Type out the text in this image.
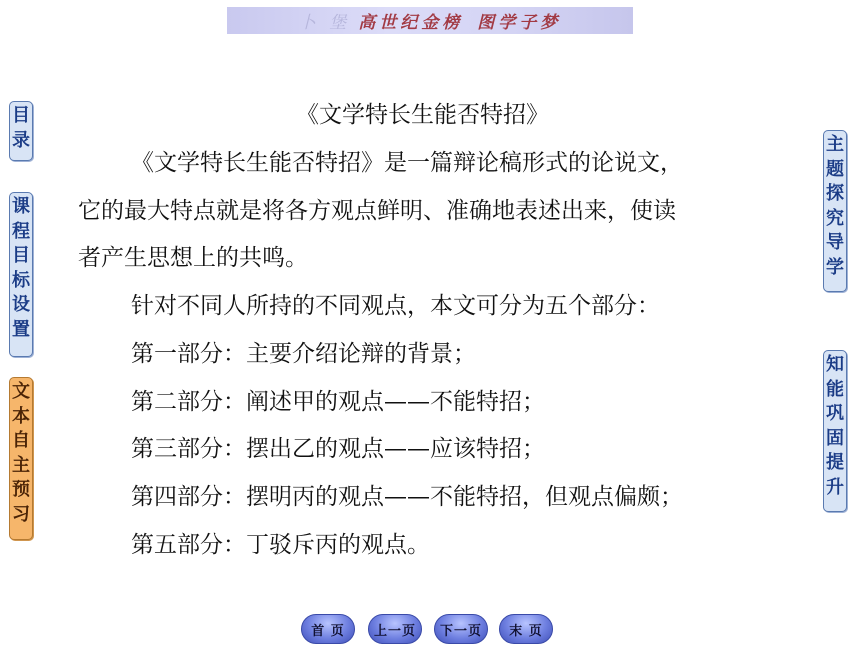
卜 堡 高世纪金榜 图学子梦
目
录
课
程
目
标
设
置
文
本
自
主
预
习
主
题
探
究
导
学
知
能
巩
固
提
升
《文学特长生能否特招》
《文学特长生能否特招》是一篇辩论稿形式的论说文，
它的最大特点就是将各方观点鲜明、准确地表述出来，使读
者产生思想上的共鸣。
针对不同人所持的不同观点，本文可分为五个部分：
第一部分：主要介绍论辩的背景；
第二部分：阐述甲的观点——不能特招；
第三部分：摆出乙的观点——应该特招；
第四部分：摆明丙的观点——不能特招，但观点偏颇；
第五部分：丁驳斥丙的观点。
首 页	上一页	下一页	末 页
